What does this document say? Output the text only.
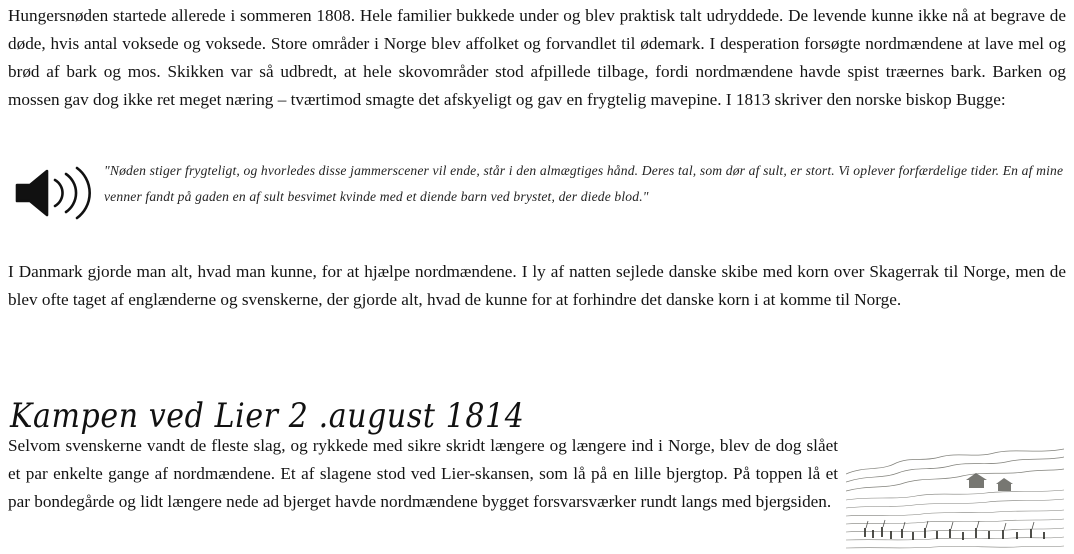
Hungersnøden startede allerede i sommeren 1808. Hele familier bukkede under og blev praktisk talt udryddede. De levende kunne ikke nå at begrave de døde, hvis antal voksede og voksede. Store områder i Norge blev affolket og forvandlet til ødemark. I desperation forsøgte nordmændene at lave mel og brød af bark og mos. Skikken var så udbredt, at hele skovområder stod afpillede tilbage, fordi nordmændene havde spist træernes bark. Barken og mossen gav dog ikke ret meget næring – tværtimod smagte det afskyeligt og gav en frygtelig mavepine. I 1813 skriver den norske biskop Bugge:

"Nøden stiger frygteligt, og hvorledes disse jammerscener vil ende, står i den almægtiges hånd. Deres tal, som dør af sult, er stort. Vi oplever forfærdelige tider. En af mine venner fandt på gaden en af sult besvimet kvinde med et diende barn ved brystet, der diede blod."

I Danmark gjorde man alt, hvad man kunne, for at hjælpe nordmændene. I ly af natten sejlede danske skibe med korn over Skagerrak til Norge, men de blev ofte taget af englænderne og svenskerne, der gjorde alt, hvad de kunne for at forhindre det danske korn i at komme til Norge.

Kampen ved Lier 2 .august 1814

Selvom svenskerne vandt de fleste slag, og rykkede med sikre skridt længere og længere ind i Norge, blev de dog slået et par enkelte gange af nordmændene. Et af slagene stod ved Lier-skansen, som lå på en lille bjergtop. På toppen lå et par bondegårde og lidt længere nede ad bjerget havde nordmændene bygget forsvarsværker rundt langs med bjergsiden.
